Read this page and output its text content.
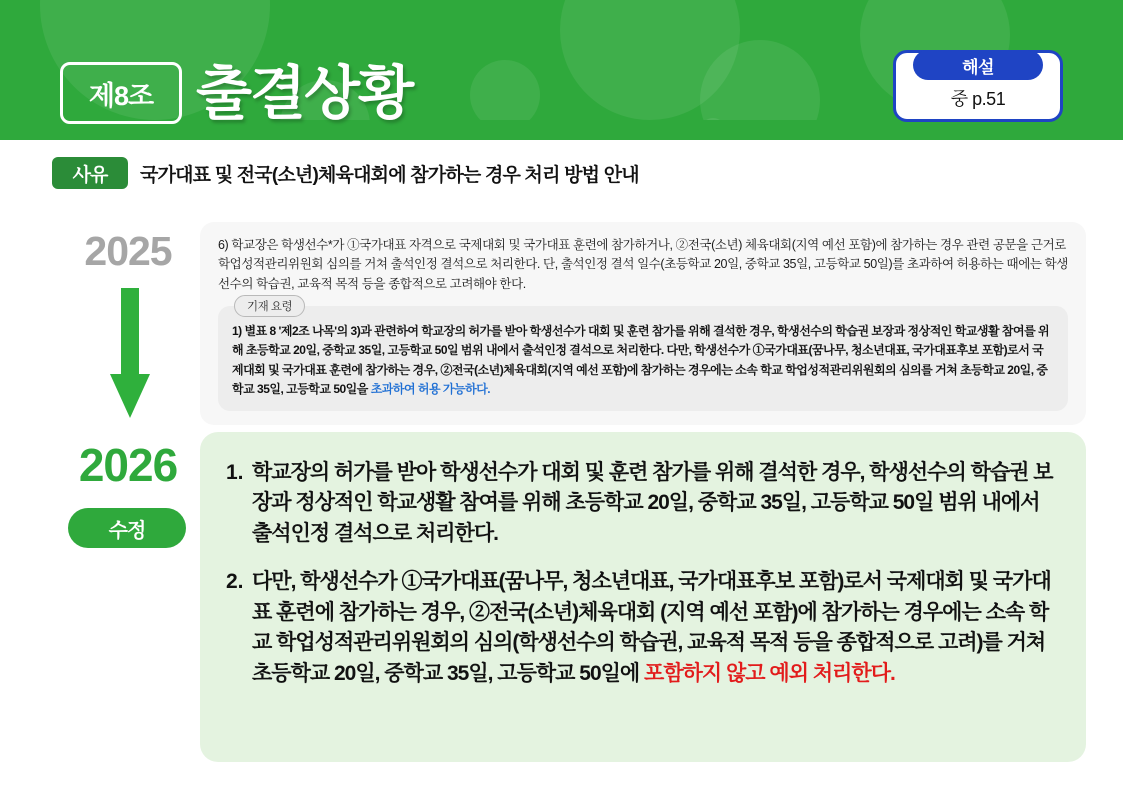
제8조 출결상황	중 p.51
해설
사유	국가대표 및 전국(소년)체육대회에 참가하는 경우 처리 방법 안내
2025
2026
수정

6) 학교장은 학생선수*가 ①국가대표 자격으로 국제대회 및 국가대표 훈련에 참가하거나, ②전국(소년) 체육대회(지역 예선 포함)에 참가하는 경우 관련 공문을 근거로 학업성적관리위원회 심의를 거쳐 출석인정 결석으로 처리한다. 단, 출석인정 결석 일수(초등학교 20일, 중학교 35일, 고등학교 50일)를 초과하여 허용하는 때에는 학생선수의 학습권, 교육적 목적 등을 종합적으로 고려해야 한다.

기재 요령

1) 별표 8 '제2조 나목'의 3)과 관련하여 학교장의 허가를 받아 학생선수가 대회 및 훈련 참가를 위해 결석한 경우, 학생선수의 학습권 보장과 정상적인 학교생활 참여를 위해 초등학교 20일, 중학교 35일, 고등학교 50일 범위 내에서 출석인정 결석으로 처리한다. 다만, 학생선수가 ①국가대표(꿈나무, 청소년대표, 국가대표후보 포함)로서 국제대회 및 국가대표 훈련에 참가하는 경우, ②전국(소년)체육대회(지역 예선 포함)에 참가하는 경우에는 소속 학교 학업성적관리위원회의 심의를 거쳐 초등학교 20일, 중학교 35일, 고등학교 50일을 초과하여 허용 가능하다.

1. 학교장의 허가를 받아 학생선수가 대회 및 훈련 참가를 위해 결석한 경우, 학생선수의 학습권 보장과 정상적인 학교생활 참여를 위해 초등학교 20일, 중학교 35일, 고등학교 50일 범위 내에서 출석인정 결석으로 처리한다.
2. 다만, 학생선수가 ①국가대표(꿈나무, 청소년대표, 국가대표후보 포함)로서 국제대회 및 국가대표 훈련에 참가하는 경우, ②전국(소년)체육대회 (지역 예선 포함)에 참가하는 경우에는 소속 학교 학업성적관리위원회의 심의(학생선수의 학습권, 교육적 목적 등을 종합적으로 고려)를 거쳐 초등학교 20일, 중학교 35일, 고등학교 50일에 포함하지 않고 예외 처리한다.
